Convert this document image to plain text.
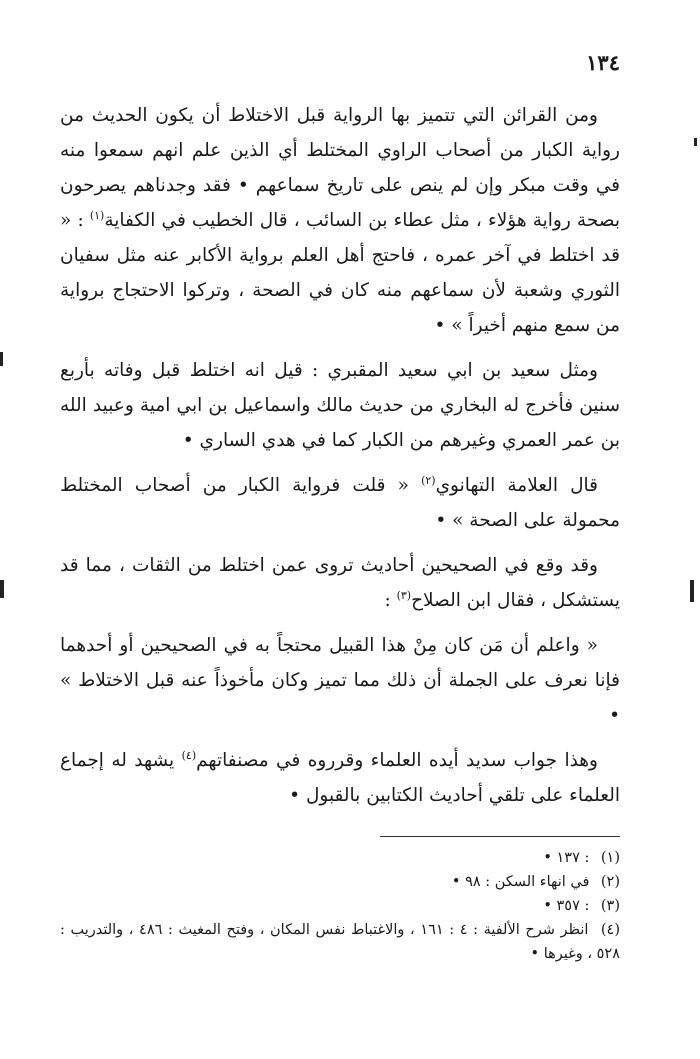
١٣٤

ومن القرائن التي تتميز بها الرواية قبل الاختلاط أن يكون الحديث من رواية الكبار من أصحاب الراوي المختلط أي الذين علم انهم سمعوا منه في وقت مبكر وإن لم ينص على تاريخ سماعهم • فقد وجدناهم يصرحون بصحة رواية هؤلاء ، مثل عطاء بن السائب ، قال الخطيب في الكفاية$^{(١)}$ : « قد اختلط في آخر عمره ، فاحتج أهل العلم برواية الأكابر عنه مثل سفيان الثوري وشعبة لأن سماعهم منه كان في الصحة ، وتركوا الاحتجاج برواية من سمع منهم أخيراً » •

ومثل سعيد بن ابي سعيد المقبري : قيل انه اختلط قبل وفاته بأربع سنين فأخرج له البخاري من حديث مالك واسماعيل بن ابي امية وعبيد الله بن عمر العمري وغيرهم من الكبار كما في هدي الساري •

قال العلامة التهانوي$^{(٢)}$ « قلت فرواية الكبار من أصحاب المختلط محمولة على الصحة » •

وقد وقع في الصحيحين أحاديث تروى عمن اختلط من الثقات ، مما قد يستشكل ، فقال ابن الصلاح$^{(٣)}$ :

« واعلم أن مَن كان مِنْ هذا القبيل محتجاً به في الصحيحين أو أحدهما فإنا نعرف على الجملة أن ذلك مما تميز وكان مأخوذاً عنه قبل الاختلاط » •

وهذا جواب سديد أيده العلماء وقرروه في مصنفاتهم$^{(٤)}$ يشهد له إجماع العلماء على تلقي أحاديث الكتابين بالقبول •

(١) : ١٣٧ •

(٢) في انهاء السكن : ٩٨ •

(٣) : ٣٥٧ •

(٤) انظر شرح الألفية : ٤ : ١٦١ ، والاغتباط نفس المكان ، وفتح المغيث : ٤٨٦ ، والتدريب : ٥٢٨ ، وغيرها •
